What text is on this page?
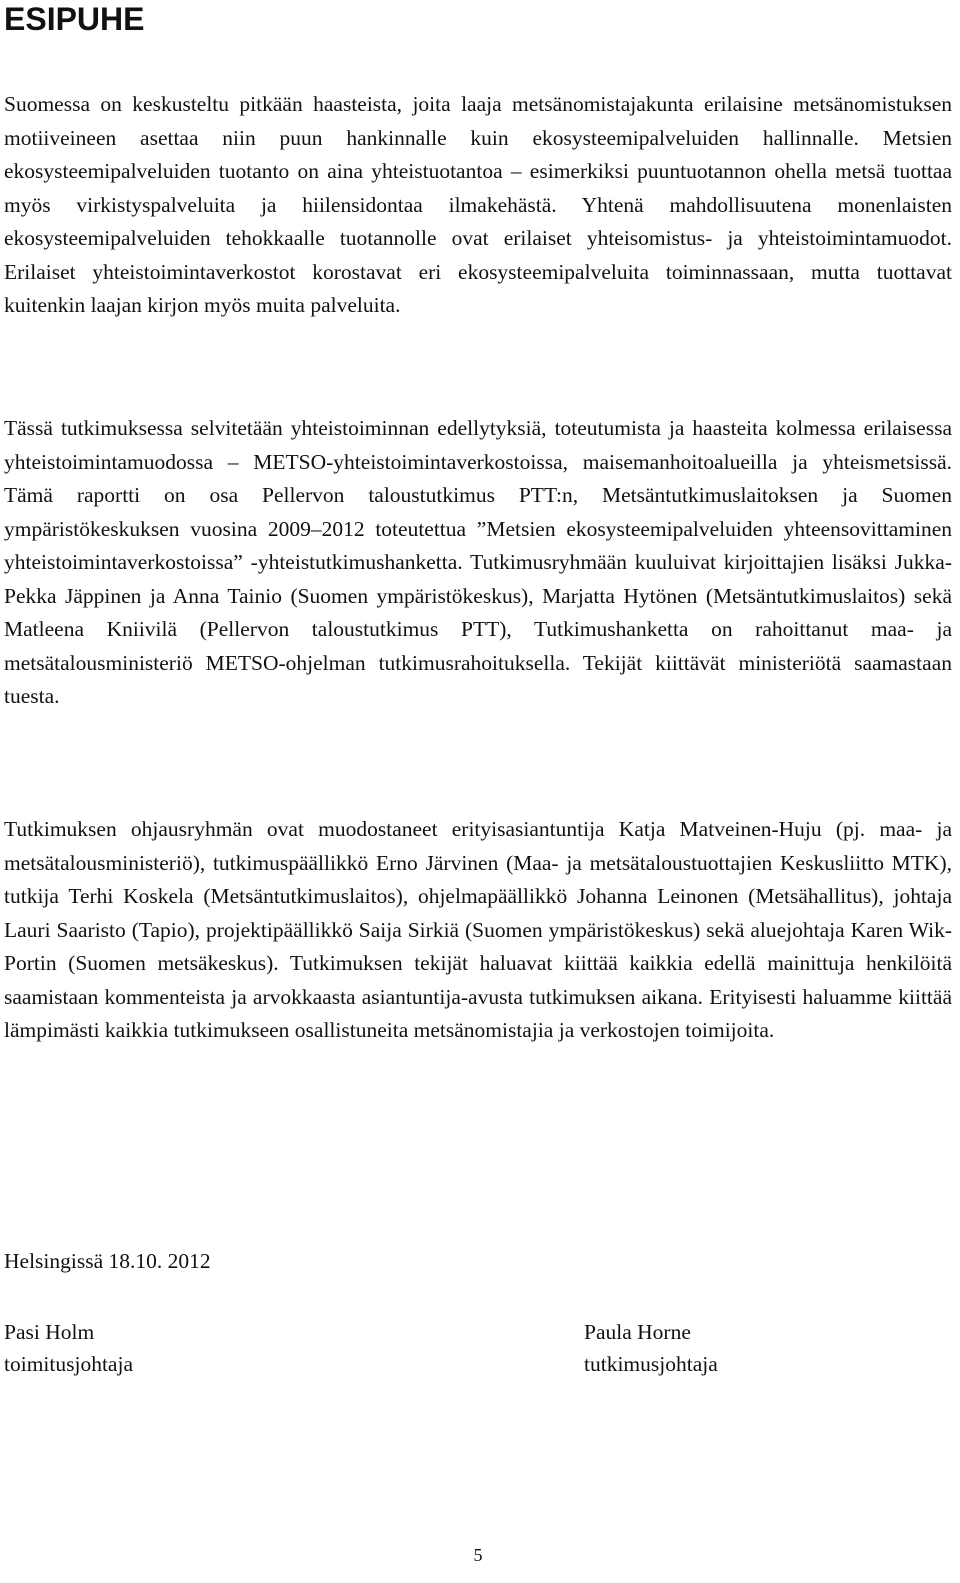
ESIPUHE

Suomessa on keskusteltu pitkään haasteista, joita laaja metsänomistajakunta erilaisine metsänomistuksen motiiveineen asettaa niin puun hankinnalle kuin ekosysteemipalveluiden hallinnalle. Metsien ekosysteemipalveluiden tuotanto on aina yhteistuotantoa – esimerkiksi puuntuotannon ohella metsä tuottaa myös virkistyspalveluita ja hiilensidontaa ilmakehästä. Yhtenä mahdollisuutena monenlaisten ekosysteemipalveluiden tehokkaalle tuotannolle ovat erilaiset yhteisomistus- ja yhteistoimintamuodot. Erilaiset yhteistoimintaverkostot korostavat eri ekosysteemipalveluita toiminnassaan, mutta tuottavat kuitenkin laajan kirjon myös muita palveluita.

Tässä tutkimuksessa selvitetään yhteistoiminnan edellytyksiä, toteutumista ja haasteita kolmessa erilaisessa yhteistoimintamuodossa – METSO-yhteistoimintaverkostoissa, maisemanhoitoalueilla ja yhteismetsissä. Tämä raportti on osa Pellervon taloustutkimus PTT:n, Metsäntutkimuslaitoksen ja Suomen ympäristökeskuksen vuosina 2009–2012 toteutettua ”Metsien ekosysteemipalveluiden yhteensovittaminen yhteistoimintaverkostoissa” -yhteistutkimushanketta. Tutkimusryhmään kuuluivat kirjoittajien lisäksi Jukka-Pekka Jäppinen ja Anna Tainio (Suomen ympäristökeskus), Marjatta Hytönen (Metsäntutkimuslaitos) sekä Matleena Kniivilä (Pellervon taloustutkimus PTT), Tutkimushanketta on rahoittanut maa- ja metsätalousministeriö METSO-ohjelman tutkimusrahoituksella. Tekijät kiittävät ministeriötä saamastaan tuesta.

Tutkimuksen ohjausryhmän ovat muodostaneet erityisasiantuntija Katja Matveinen-Huju (pj. maa- ja metsätalousministeriö), tutkimuspäällikkö Erno Järvinen (Maa- ja metsätaloustuottajien Keskusliitto MTK), tutkija Terhi Koskela (Metsäntutkimuslaitos), ohjelmapäällikkö Johanna Leinonen (Metsähallitus), johtaja Lauri Saaristo (Tapio), projektipäällikkö Saija Sirkiä (Suomen ympäristökeskus) sekä aluejohtaja Karen Wik-Portin (Suomen metsäkeskus). Tutkimuksen tekijät haluavat kiittää kaikkia edellä mainittuja henkilöitä saamistaan kommenteista ja arvokkaasta asiantuntija-avusta tutkimuksen aikana. Erityisesti haluamme kiittää lämpimästi kaikkia tutkimukseen osallistuneita metsänomistajia ja verkostojen toimijoita.

Helsingissä 18.10. 2012

Pasi Holm
toimitusjohtaja
Paula Horne
tutkimusjohtaja
5
